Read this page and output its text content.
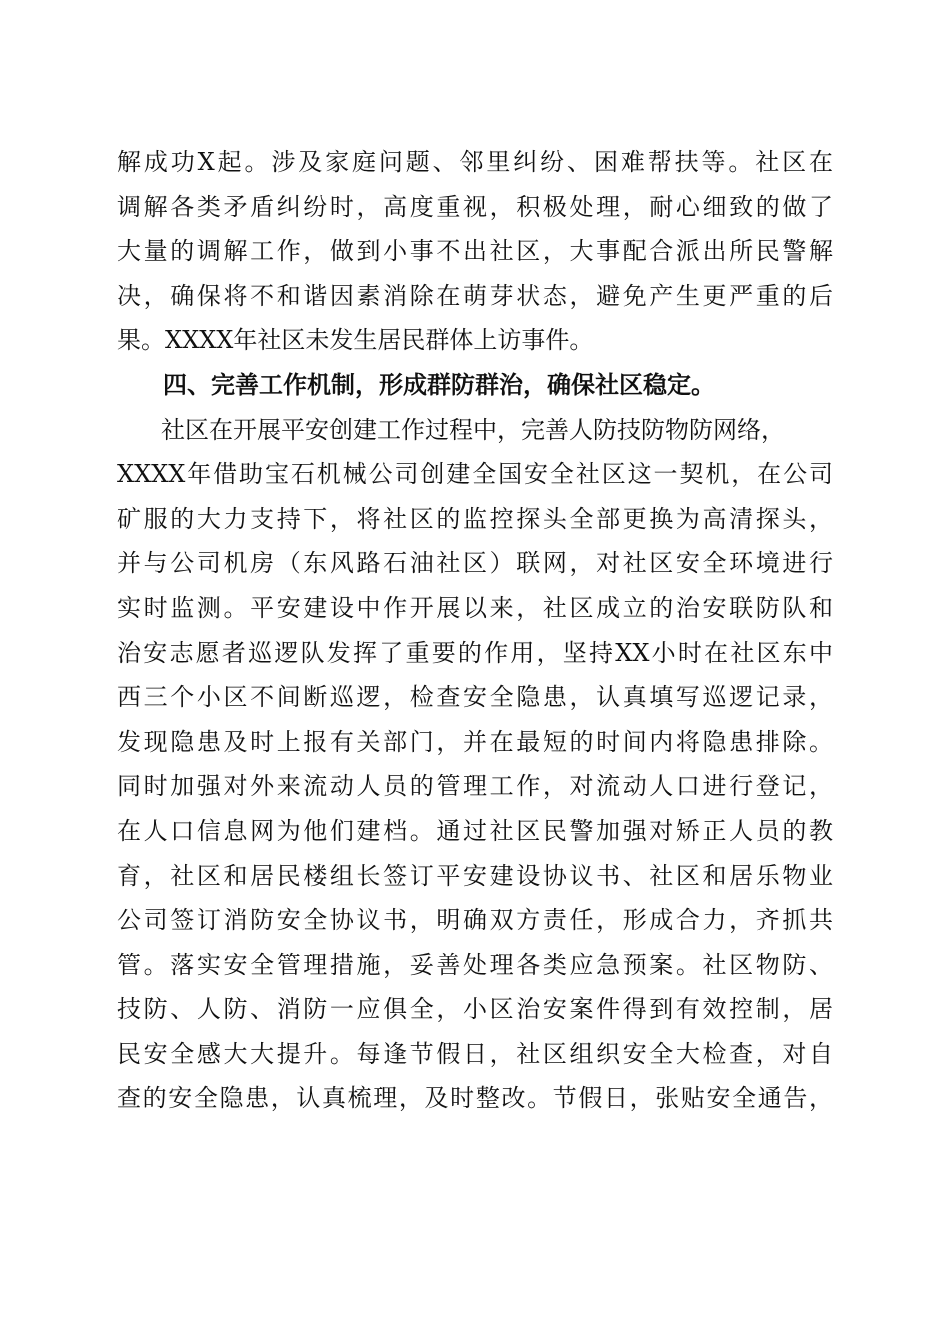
解成功X起。涉及家庭问题、邻里纠纷、困难帮扶等。社区在
调解各类矛盾纠纷时，高度重视，积极处理，耐心细致的做了
大量的调解工作，做到小事不出社区，大事配合派出所民警解
决，确保将不和谐因素消除在萌芽状态，避免产生更严重的后
果。XXXX年社区未发生居民群体上访事件。
四、完善工作机制，形成群防群治，确保社区稳定。
社区在开展平安创建工作过程中，完善人防技防物防网络，
XXXX年借助宝石机械公司创建全国安全社区这一契机，在公司
矿服的大力支持下，将社区的监控探头全部更换为高清探头，
并与公司机房（东风路石油社区）联网，对社区安全环境进行
实时监测。平安建设中作开展以来，社区成立的治安联防队和
治安志愿者巡逻队发挥了重要的作用，坚持XX小时在社区东中
西三个小区不间断巡逻，检查安全隐患，认真填写巡逻记录，
发现隐患及时上报有关部门，并在最短的时间内将隐患排除。
同时加强对外来流动人员的管理工作，对流动人口进行登记，
在人口信息网为他们建档。通过社区民警加强对矫正人员的教
育，社区和居民楼组长签订平安建设协议书、社区和居乐物业
公司签订消防安全协议书，明确双方责任，形成合力，齐抓共
管。落实安全管理措施，妥善处理各类应急预案。社区物防、
技防、人防、消防一应俱全，小区治安案件得到有效控制，居
民安全感大大提升。每逢节假日，社区组织安全大检查，对自
查的安全隐患，认真梳理，及时整改。节假日，张贴安全通告，
